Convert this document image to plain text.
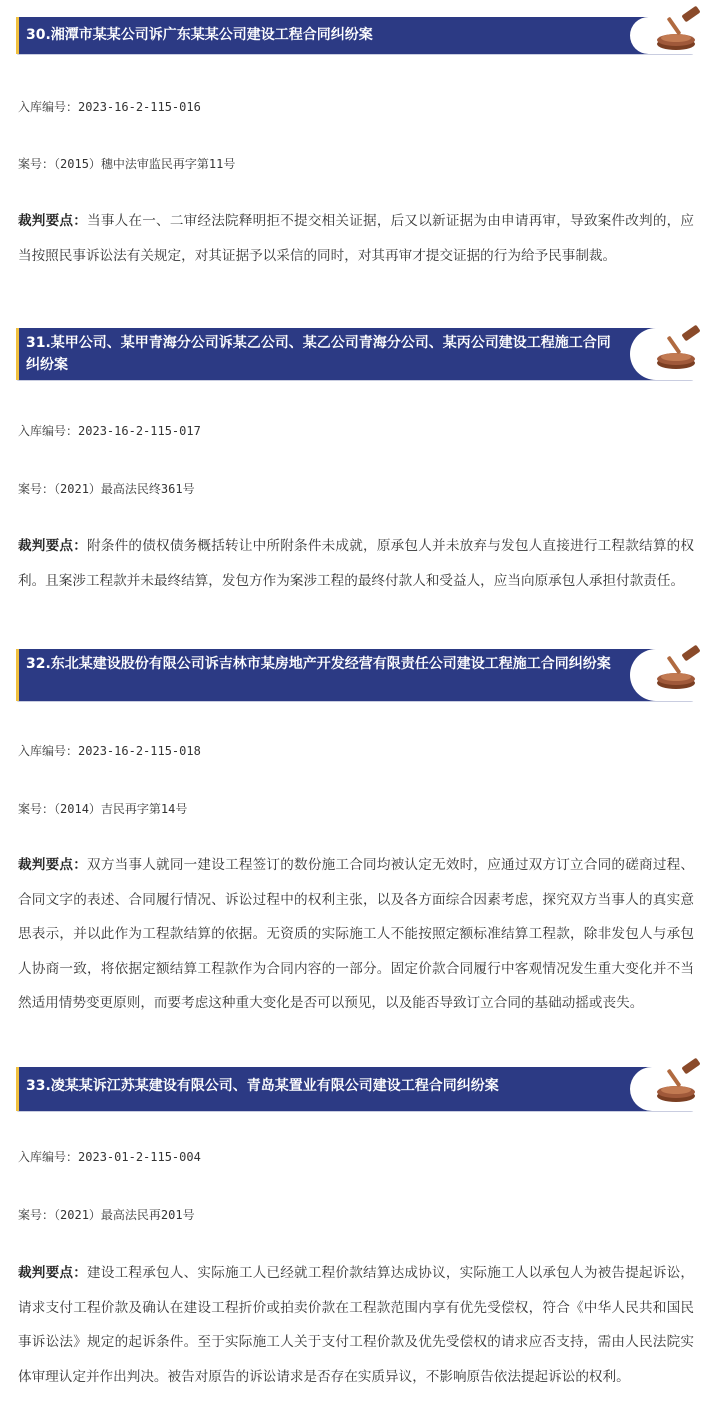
30.湘潭市某某公司诉广东某某公司建设工程合同纠纷案
入库编号：2023-16-2-115-016
案号：（2015）穗中法审监民再字第11号
裁判要点：当事人在一、二审经法院释明拒不提交相关证据，后又以新证据为由申请再审，导致案件改判的，应当按照民事诉讼法有关规定，对其证据予以采信的同时，对其再审才提交证据的行为给予民事制裁。
31.某甲公司、某甲青海分公司诉某乙公司、某乙公司青海分公司、某丙公司建设工程施工合同纠纷案
入库编号：2023-16-2-115-017
案号：（2021）最高法民终361号
裁判要点：附条件的债权债务概括转让中所附条件未成就，原承包人并未放弃与发包人直接进行工程款结算的权利。且案涉工程款并未最终结算，发包方作为案涉工程的最终付款人和受益人，应当向原承包人承担付款责任。
32.东北某建设股份有限公司诉吉林市某房地产开发经营有限责任公司建设工程施工合同纠纷案
入库编号：2023-16-2-115-018
案号：（2014）吉民再字第14号
裁判要点：双方当事人就同一建设工程签订的数份施工合同均被认定无效时，应通过双方订立合同的磋商过程、合同文字的表述、合同履行情况、诉讼过程中的权利主张，以及各方面综合因素考虑，探究双方当事人的真实意思表示，并以此作为工程款结算的依据。无资质的实际施工人不能按照定额标准结算工程款，除非发包人与承包人协商一致，将依据定额结算工程款作为合同内容的一部分。固定价款合同履行中客观情况发生重大变化并不当然适用情势变更原则，而要考虑这种重大变化是否可以预见，以及能否导致订立合同的基础动摇或丧失。
33.凌某某诉江苏某建设有限公司、青岛某置业有限公司建设工程合同纠纷案
入库编号：2023-01-2-115-004
案号：（2021）最高法民再201号
裁判要点：建设工程承包人、实际施工人已经就工程价款结算达成协议，实际施工人以承包人为被告提起诉讼，请求支付工程价款及确认在建设工程折价或拍卖价款在工程款范围内享有优先受偿权，符合《中华人民共和国民事诉讼法》规定的起诉条件。至于实际施工人关于支付工程价款及优先受偿权的请求应否支持，需由人民法院实体审理认定并作出判决。被告对原告的诉讼请求是否存在实质异议，不影响原告依法提起诉讼的权利。
